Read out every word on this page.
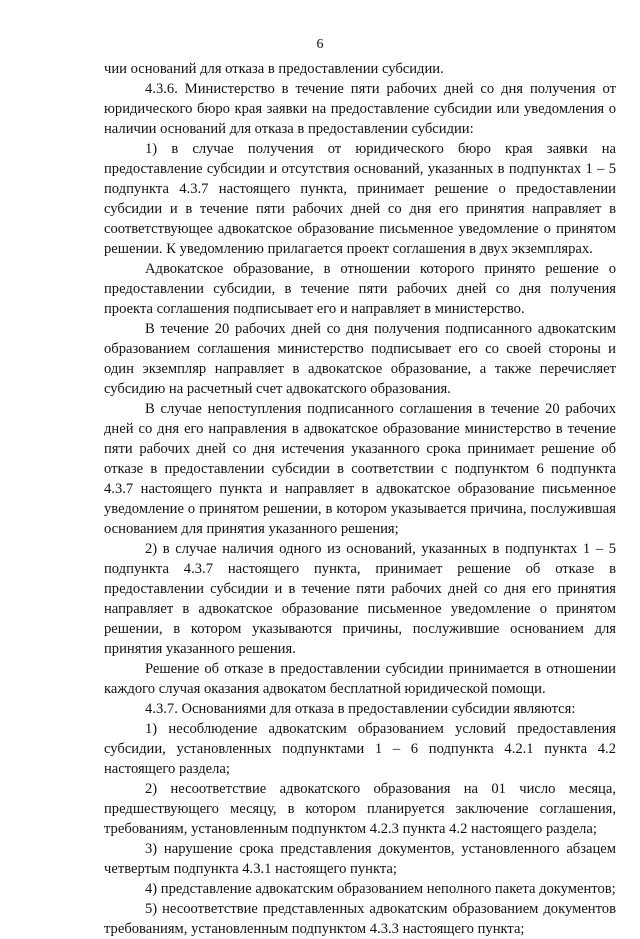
6

чии оснований для отказа в предоставлении субсидии.

4.3.6. Министерство в течение пяти рабочих дней со дня получения от юридического бюро края заявки на предоставление субсидии или уведомления о наличии оснований для отказа в предоставлении субсидии:

1) в случае получения от юридического бюро края заявки на предоставление субсидии и отсутствия оснований, указанных в подпунктах 1 – 5 подпункта 4.3.7 настоящего пункта, принимает решение о предоставлении субсидии и в течение пяти рабочих дней со дня его принятия направляет в соответствующее адвокатское образование письменное уведомление о принятом решении. К уведомлению прилагается проект соглашения в двух экземплярах.

Адвокатское образование, в отношении которого принято решение о предоставлении субсидии, в течение пяти рабочих дней со дня получения проекта соглашения подписывает его и направляет в министерство.

В течение 20 рабочих дней со дня получения подписанного адвокатским образованием соглашения министерство подписывает его со своей стороны и один экземпляр направляет в адвокатское образование, а также перечисляет субсидию на расчетный счет адвокатского образования.

В случае непоступления подписанного соглашения в течение 20 рабочих дней со дня его направления в адвокатское образование министерство в течение пяти рабочих дней со дня истечения указанного срока принимает решение об отказе в предоставлении субсидии в соответствии с подпунктом 6 подпункта 4.3.7 настоящего пункта и направляет в адвокатское образование письменное уведомление о принятом решении, в котором указывается причина, послужившая основанием для принятия указанного решения;

2) в случае наличия одного из оснований, указанных в подпунктах 1 – 5 подпункта 4.3.7 настоящего пункта, принимает решение об отказе в предоставлении субсидии и в течение пяти рабочих дней со дня его принятия направляет в адвокатское образование письменное уведомление о принятом решении, в котором указываются причины, послужившие основанием для принятия указанного решения.

Решение об отказе в предоставлении субсидии принимается в отношении каждого случая оказания адвокатом бесплатной юридической помощи.

4.3.7. Основаниями для отказа в предоставлении субсидии являются:

1) несоблюдение адвокатским образованием условий предоставления субсидии, установленных подпунктами 1 – 6 подпункта 4.2.1 пункта 4.2 настоящего раздела;

2) несоответствие адвокатского образования на 01 число месяца, предшествующего месяцу, в котором планируется заключение соглашения, требованиям, установленным подпунктом 4.2.3 пункта 4.2 настоящего раздела;

3) нарушение срока представления документов, установленного абзацем четвертым подпункта 4.3.1 настоящего пункта;

4) представление адвокатским образованием неполного пакета документов;

5) несоответствие представленных адвокатским образованием документов требованиям, установленным подпунктом 4.3.3 настоящего пункта;
